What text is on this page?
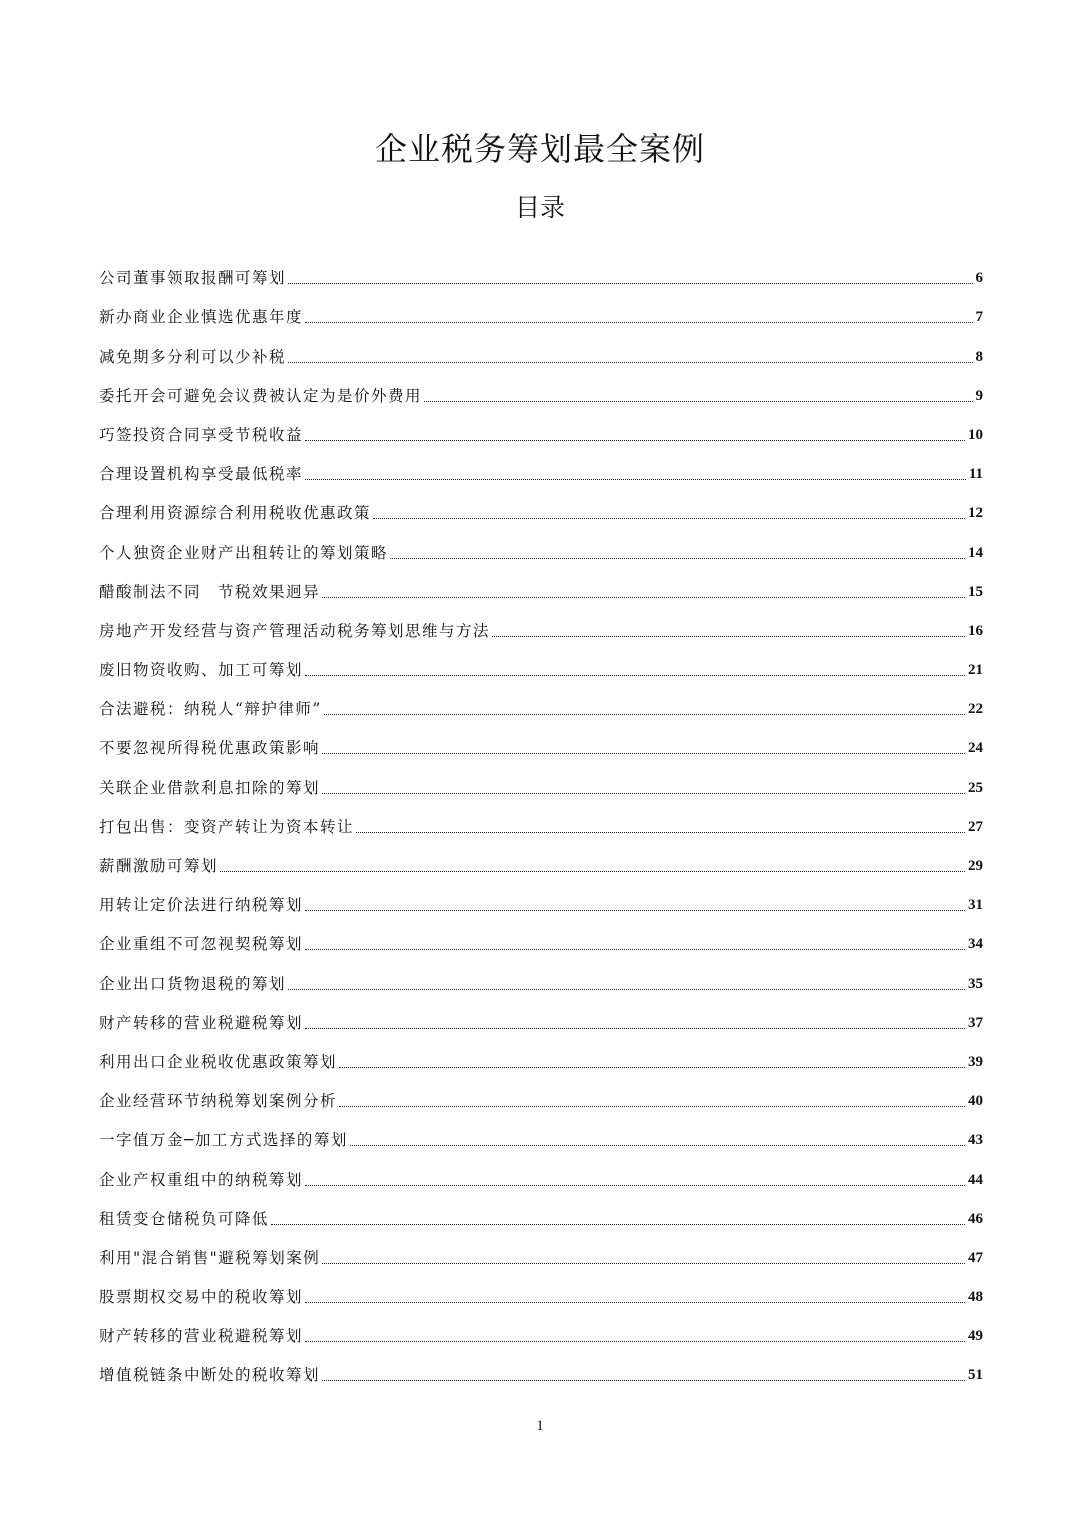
企业税务筹划最全案例
目录
公司董事领取报酬可筹划	6
新办商业企业慎选优惠年度	7
减免期多分利可以少补税	8
委托开会可避免会议费被认定为是价外费用	9
巧签投资合同享受节税收益	10
合理设置机构享受最低税率	11
合理利用资源综合利用税收优惠政策	12
个人独资企业财产出租转让的筹划策略	14
醋酸制法不同　节税效果迥异	15
房地产开发经营与资产管理活动税务筹划思维与方法	16
废旧物资收购、加工可筹划	21
合法避税：纳税人“辩护律师”	22
不要忽视所得税优惠政策影响	24
关联企业借款利息扣除的筹划	25
打包出售：变资产转让为资本转让	27
薪酬激励可筹划	29
用转让定价法进行纳税筹划	31
企业重组不可忽视契税筹划	34
企业出口货物退税的筹划	35
财产转移的营业税避税筹划	37
利用出口企业税收优惠政策筹划	39
企业经营环节纳税筹划案例分析	40
一字值万金─加工方式选择的筹划	43
企业产权重组中的纳税筹划	44
租赁变仓储税负可降低	46
利用"混合销售"避税筹划案例	47
股票期权交易中的税收筹划	48
财产转移的营业税避税筹划	49
增值税链条中断处的税收筹划	51
1
